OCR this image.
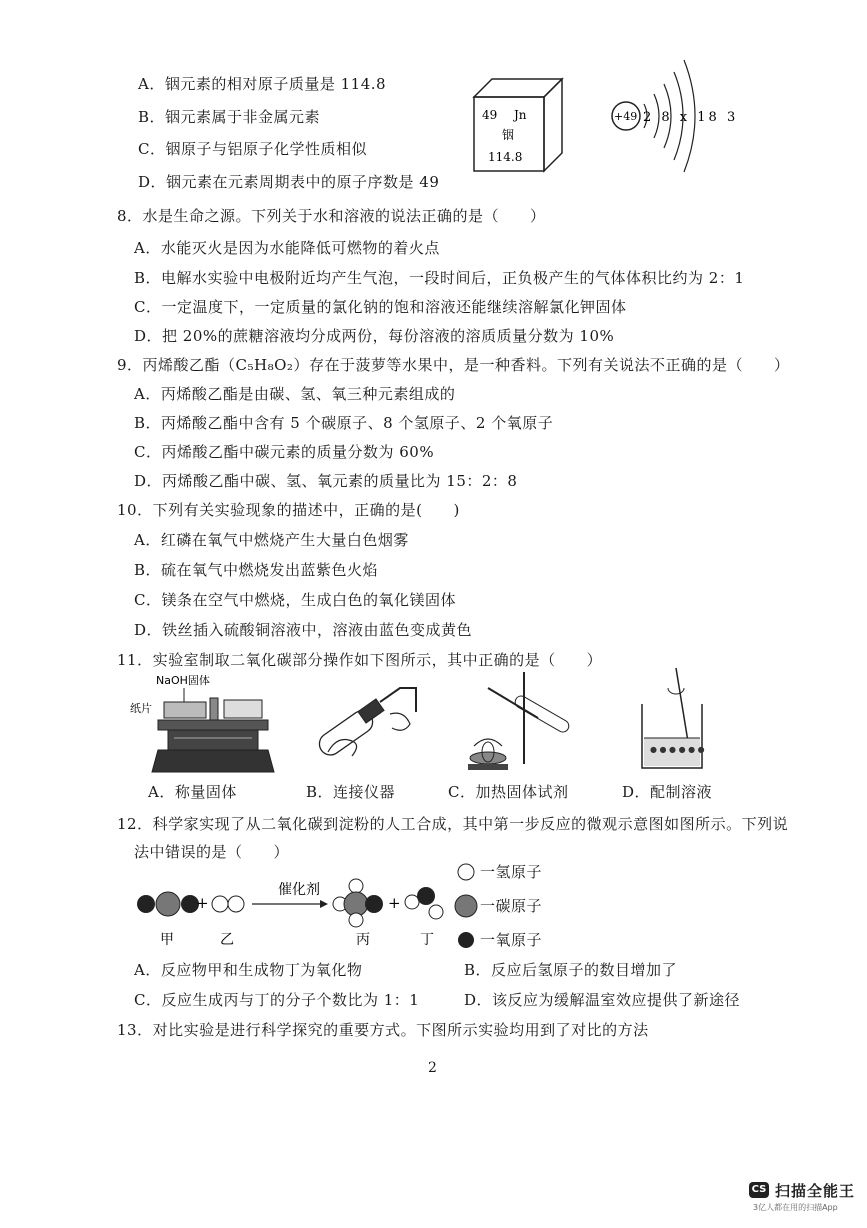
A．铟元素的相对原子质量是 114.8
B．铟元素属于非金属元素
C．铟原子与铝原子化学性质相似
D．铟元素在元素周期表中的原子序数是 49
49 Jn
铟
114.8
+49 2 8 x 18 3
8．水是生命之源。下列关于水和溶液的说法正确的是（　　）
A．水能灭火是因为水能降低可燃物的着火点
B．电解水实验中电极附近均产生气泡，一段时间后，正负极产生的气体体积比约为 2：1
C．一定温度下，一定质量的氯化钠的饱和溶液还能继续溶解氯化钾固体
D．把 20%的蔗糖溶液均分成两份，每份溶液的溶质质量分数为 10%
9．丙烯酸乙酯（C₅H₈O₂）存在于菠萝等水果中，是一种香料。下列有关说法不正确的是（　　）
A．丙烯酸乙酯是由碳、氢、氧三种元素组成的
B．丙烯酸乙酯中含有 5 个碳原子、8 个氢原子、2 个氧原子
C．丙烯酸乙酯中碳元素的质量分数为 60%
D．丙烯酸乙酯中碳、氢、氧元素的质量比为 15：2：8
10．下列有关实验现象的描述中，正确的是(　　)
A．红磷在氧气中燃烧产生大量白色烟雾
B．硫在氧气中燃烧发出蓝紫色火焰
C．镁条在空气中燃烧，生成白色的氧化镁固体
D．铁丝插入硫酸铜溶液中，溶液由蓝色变成黄色
11．实验室制取二氧化碳部分操作如下图所示，其中正确的是（　　）
NaOH固体
纸片
● ● ● ● ● ●
A．称量固体	B．连接仪器	C．加热固体试剂	D．配制溶液
12．科学家实现了从二氧化碳到淀粉的人工合成，其中第一步反应的微观示意图如图所示。下列说
法中错误的是（　　）
+
催化剂
+
甲	乙	丙	丁
一氢原子
一碳原子
一氧原子
A．反应物甲和生成物丁为氧化物	B．反应后氢原子的数目增加了
C．反应生成丙与丁的分子个数比为 1：1	D．该反应为缓解温室效应提供了新途径
13．对比实验是进行科学探究的重要方式。下图所示实验均用到了对比的方法
2
CS 扫描全能王
3亿人都在用的扫描App
